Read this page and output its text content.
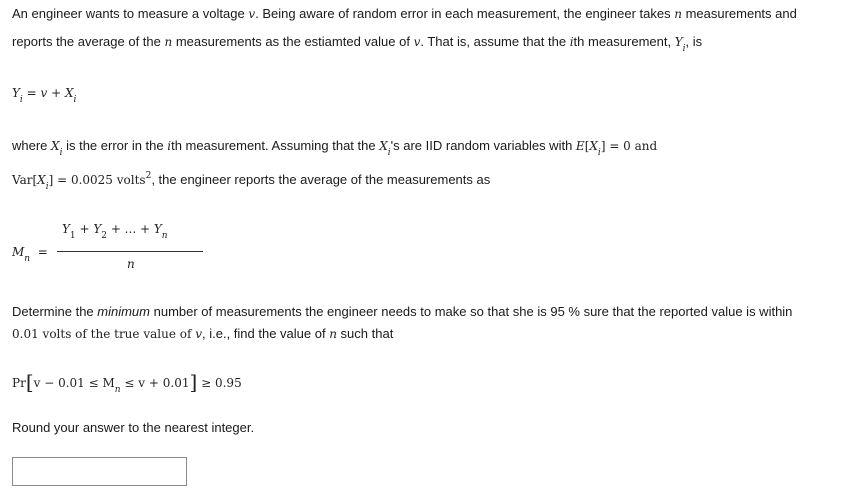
An engineer wants to measure a voltage v. Being aware of random error in each measurement, the engineer takes n measurements and
reports the average of the n measurements as the estiamted value of v. That is, assume that the ith measurement, $Y_i$, is
$Y_i = v + X_i$
where $X_i$ is the error in the ith measurement. Assuming that the $X_i's$ are IID random variables with $E[X_i] = 0$ and
$Var[X_i] = 0.0025$ volts$^2$, the engineer reports the average of the measurements as
$M_n$  =
$Y_1 + Y_2$ + ... + $Y_n$
n
Determine the minimum number of measurements the engineer needs to make so that she is 95 % sure that the reported value is within
0.01 volts of the true value of v, i.e., find the value of n such that
$Pr[v - 0.01 \le M_n \le v + 0.01] \ge 0.95$
Round your answer to the nearest integer.
